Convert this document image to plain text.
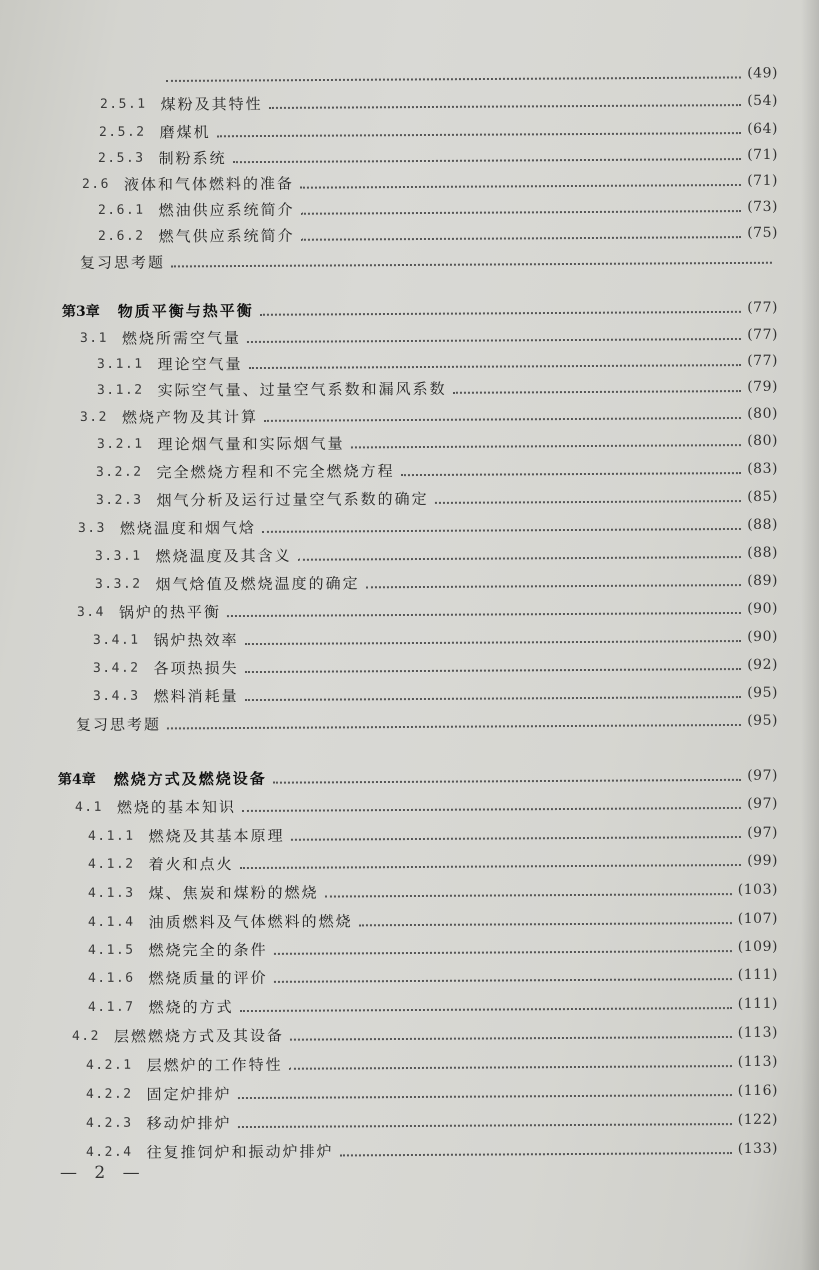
(49)
2.5.1 煤粉及其特性	(54)
2.5.2 磨煤机	(64)
2.5.3 制粉系统	(71)
2.6 液体和气体燃料的准备	(71)
2.6.1 燃油供应系统简介	(73)
2.6.2 燃气供应系统简介	(75)
复习思考题
第3章 物质平衡与热平衡	(77)
3.1 燃烧所需空气量	(77)
3.1.1 理论空气量	(77)
3.1.2 实际空气量、过量空气系数和漏风系数	(79)
3.2 燃烧产物及其计算	(80)
3.2.1 理论烟气量和实际烟气量	(80)
3.2.2 完全燃烧方程和不完全燃烧方程	(83)
3.2.3 烟气分析及运行过量空气系数的确定	(85)
3.3 燃烧温度和烟气焓	(88)
3.3.1 燃烧温度及其含义	(88)
3.3.2 烟气焓值及燃烧温度的确定	(89)
3.4 锅炉的热平衡	(90)
3.4.1 锅炉热效率	(90)
3.4.2 各项热损失	(92)
3.4.3 燃料消耗量	(95)
复习思考题	(95)
第4章 燃烧方式及燃烧设备	(97)
4.1 燃烧的基本知识	(97)
4.1.1 燃烧及其基本原理	(97)
4.1.2 着火和点火	(99)
4.1.3 煤、焦炭和煤粉的燃烧	(103)
4.1.4 油质燃料及气体燃料的燃烧	(107)
4.1.5 燃烧完全的条件	(109)
4.1.6 燃烧质量的评价	(111)
4.1.7 燃烧的方式	(111)
4.2 层燃燃烧方式及其设备	(113)
4.2.1 层燃炉的工作特性	(113)
4.2.2 固定炉排炉	(116)
4.2.3 移动炉排炉	(122)
4.2.4 往复推饲炉和振动炉排炉	(133)
— 2 —
